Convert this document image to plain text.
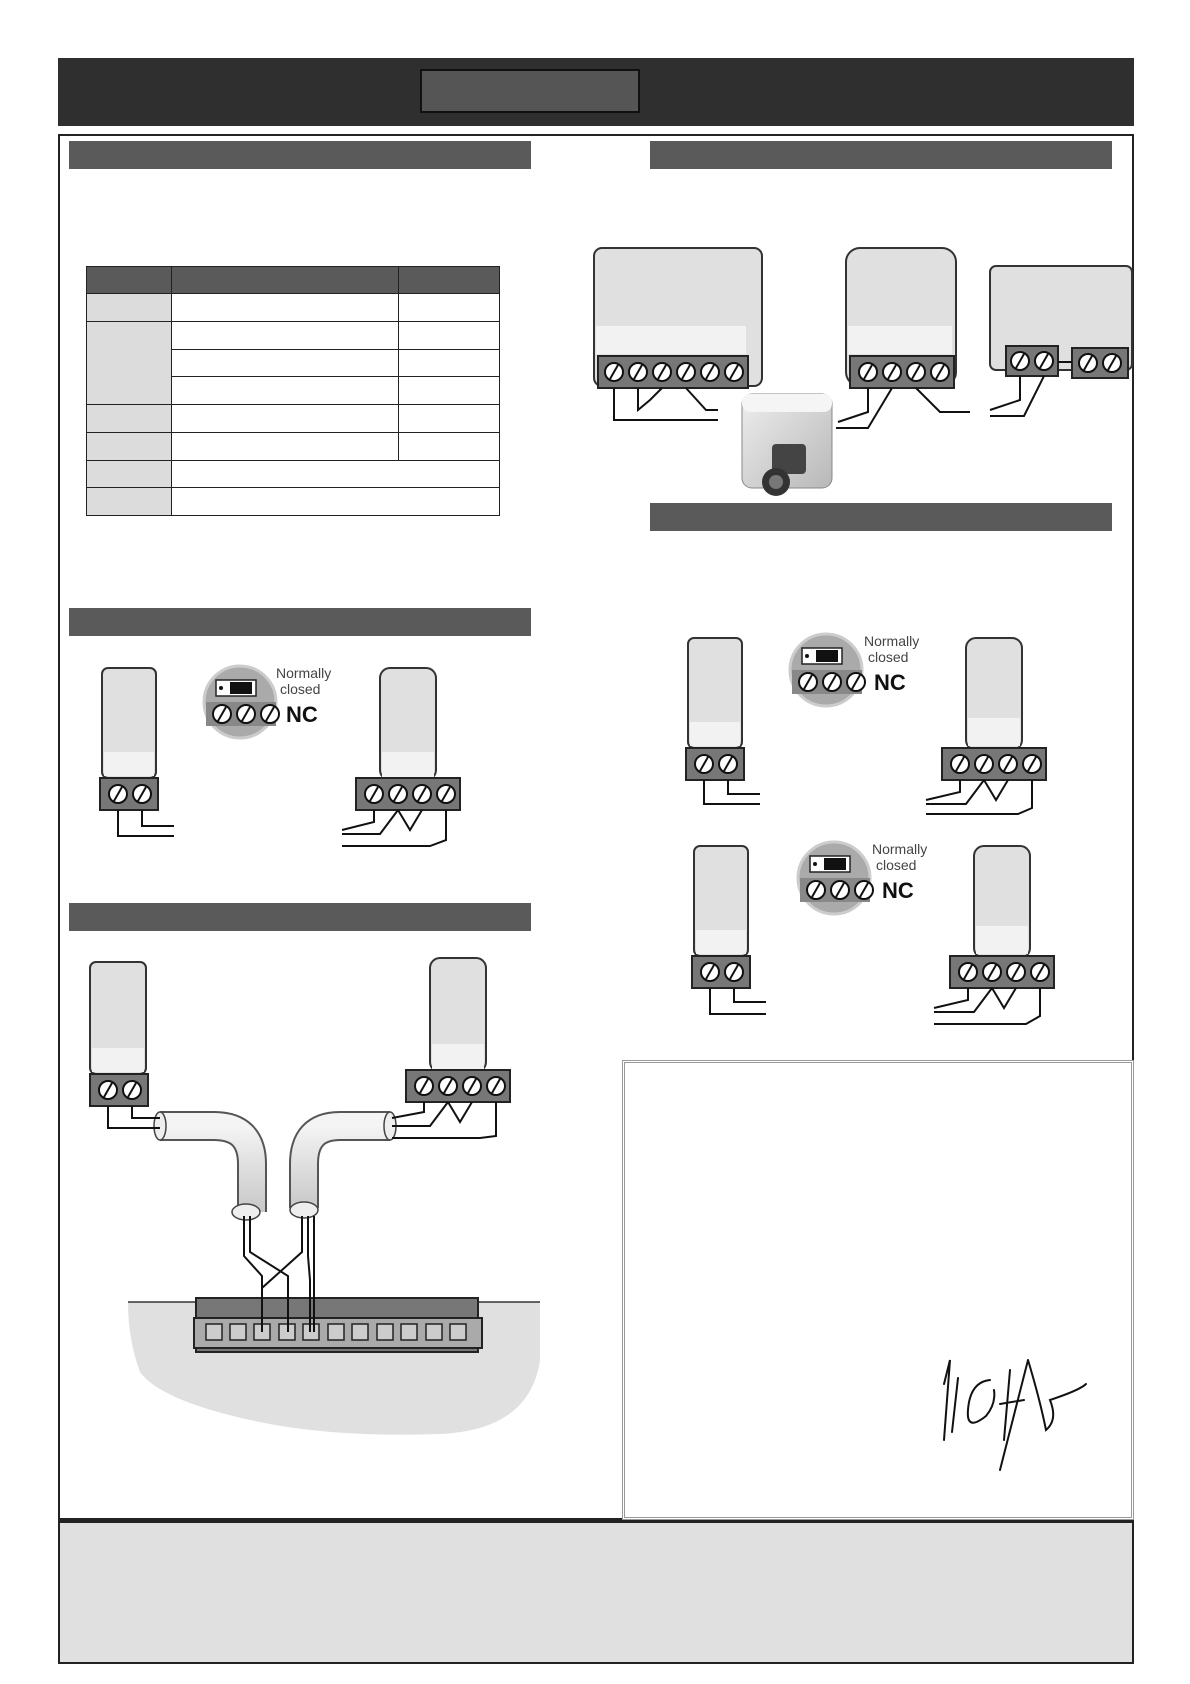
Normally
closed
NC
Normally
closed
NC
Normally
closed
NC
